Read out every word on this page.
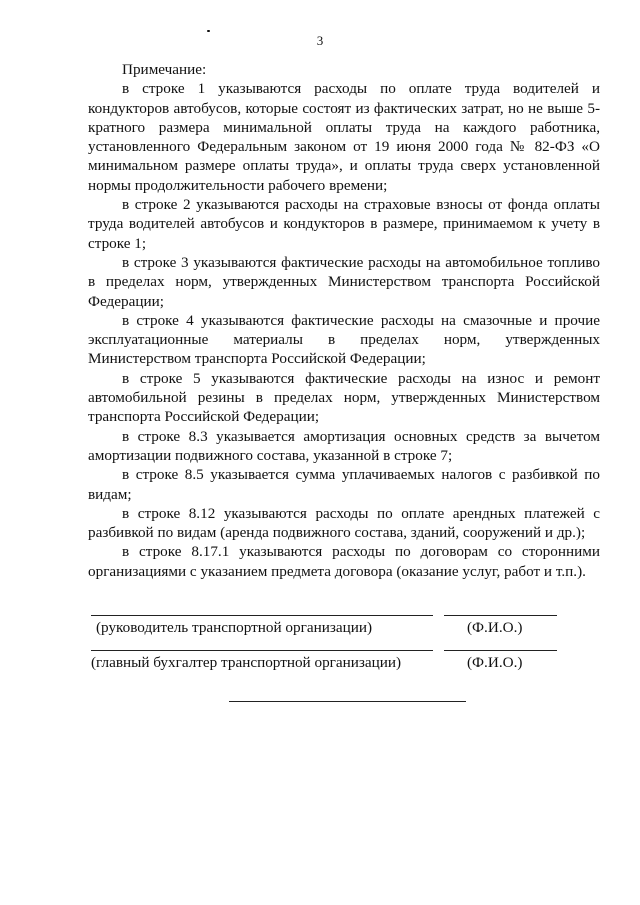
3

Примечание:

в строке 1 указываются расходы по оплате труда водителей и кондукторов автобусов, которые состоят из фактических затрат, но не выше 5-кратного размера минимальной оплаты труда на каждого работника, установленного Федеральным законом от 19 июня 2000 года № 82-ФЗ «О минимальном размере оплаты труда», и оплаты труда сверх установленной нормы продолжительности рабочего времени;

в строке 2 указываются расходы на страховые взносы от фонда оплаты труда водителей автобусов и кондукторов в размере, принимаемом к учету в строке 1;

в строке 3 указываются фактические расходы на автомобильное топливо в пределах норм, утвержденных Министерством транспорта Российской Федерации;

в строке 4 указываются фактические расходы на смазочные и прочие эксплуатационные материалы в пределах норм, утвержденных Министерством транспорта Российской Федерации;

в строке 5 указываются фактические расходы на износ и ремонт автомобильной резины в пределах норм, утвержденных Министерством транспорта Российской Федерации;

в строке 8.3 указывается амортизация основных средств за вычетом амортизации подвижного состава, указанной в строке 7;

в строке 8.5 указывается сумма уплачиваемых налогов с разбивкой по видам;

в строке 8.12 указываются расходы по оплате арендных платежей с разбивкой по видам (аренда подвижного состава, зданий, сооружений и др.);

в строке 8.17.1 указываются расходы по договорам со сторонними организациями с указанием предмета договора (оказание услуг, работ и т.п.).

(руководитель транспортной организации)	(Ф.И.О.)
(главный бухгалтер транспортной организации)	(Ф.И.О.)
